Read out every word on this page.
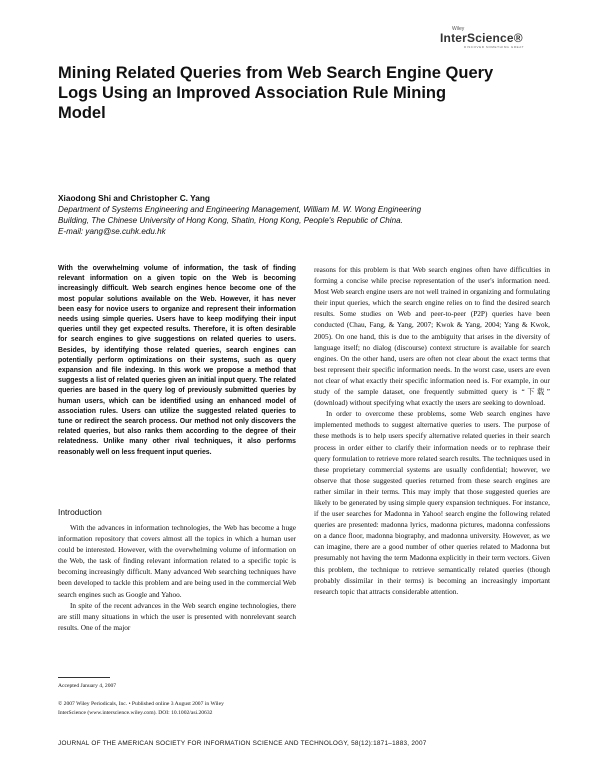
Wiley
InterScience®
DISCOVER SOMETHING GREAT
Mining Related Queries from Web Search Engine Query Logs Using an Improved Association Rule Mining Model
Xiaodong Shi and Christopher C. Yang
Department of Systems Engineering and Engineering Management, William M. W. Wong Engineering
Building, The Chinese University of Hong Kong, Shatin, Hong Kong, People's Republic of China.
E-mail: yang@se.cuhk.edu.hk
With the overwhelming volume of information, the task of finding relevant information on a given topic on the Web is becoming increasingly difficult. Web search engines hence become one of the most popular solutions available on the Web. However, it has never been easy for novice users to organize and represent their information needs using simple queries. Users have to keep modifying their input queries until they get expected results. Therefore, it is often desirable for search engines to give suggestions on related queries to users. Besides, by identifying those related queries, search engines can potentially perform optimizations on their systems, such as query expansion and file indexing. In this work we propose a method that suggests a list of related queries given an initial input query. The related queries are based in the query log of previously submitted queries by human users, which can be identified using an enhanced model of association rules. Users can utilize the suggested related queries to tune or redirect the search process. Our method not only discovers the related queries, but also ranks them according to the degree of their relatedness. Unlike many other rival techniques, it also performs reasonably well on less frequent input queries.
Introduction

With the advances in information technologies, the Web has become a huge information repository that covers almost all the topics in which a human user could be interested. However, with the overwhelming volume of information on the Web, the task of finding relevant information related to a specific topic is becoming increasingly difficult. Many advanced Web searching techniques have been developed to tackle this problem and are being used in the commercial Web search engines such as Google and Yahoo.

In spite of the recent advances in the Web search engine technologies, there are still many situations in which the user is presented with nonrelevant search results. One of the major

Accepted January 4, 2007
© 2007 Wiley Periodicals, Inc. • Published online 3 August 2007 in Wiley
InterScience (www.interscience.wiley.com). DOI: 10.1002/asi.20632

reasons for this problem is that Web search engines often have difficulties in forming a concise while precise representation of the user's information need. Most Web search engine users are not well trained in organizing and formulating their input queries, which the search engine relies on to find the desired search results. Some studies on Web and peer-to-peer (P2P) queries have been conducted (Chau, Fang, & Yang, 2007; Kwok & Yang, 2004; Yang & Kwok, 2005). On one hand, this is due to the ambiguity that arises in the diversity of language itself; no dialog (discourse) context structure is available for search engines. On the other hand, users are often not clear about the exact terms that best represent their specific information needs. In the worst case, users are even not clear of what exactly their specific information need is. For example, in our study of the sample dataset, one frequently submitted query is “下载” (download) without specifying what exactly the users are seeking to download.

In order to overcome these problems, some Web search engines have implemented methods to suggest alternative queries to users. The purpose of these methods is to help users specify alternative related queries in their search process in order either to clarify their information needs or to rephrase their query formulation to retrieve more related search results. The techniques used in these proprietary commercial systems are usually confidential; however, we observe that those suggested queries returned from these search engines are rather similar in their terms. This may imply that those suggested queries are likely to be generated by using simple query expansion techniques. For instance, if the user searches for Madonna in Yahoo! search engine the following related queries are presented: madonna lyrics, madonna pictures, madonna confessions on a dance floor, madonna biography, and madonna university. However, as we can imagine, there are a good number of other queries related to Madonna but presumably not having the term Madonna explicitly in their term vectors. Given this problem, the technique to retrieve semantically related queries (though probably dissimilar in their terms) is becoming an increasingly important research topic that attracts considerable attention.

JOURNAL OF THE AMERICAN SOCIETY FOR INFORMATION SCIENCE AND TECHNOLOGY, 58(12):1871–1883, 2007
